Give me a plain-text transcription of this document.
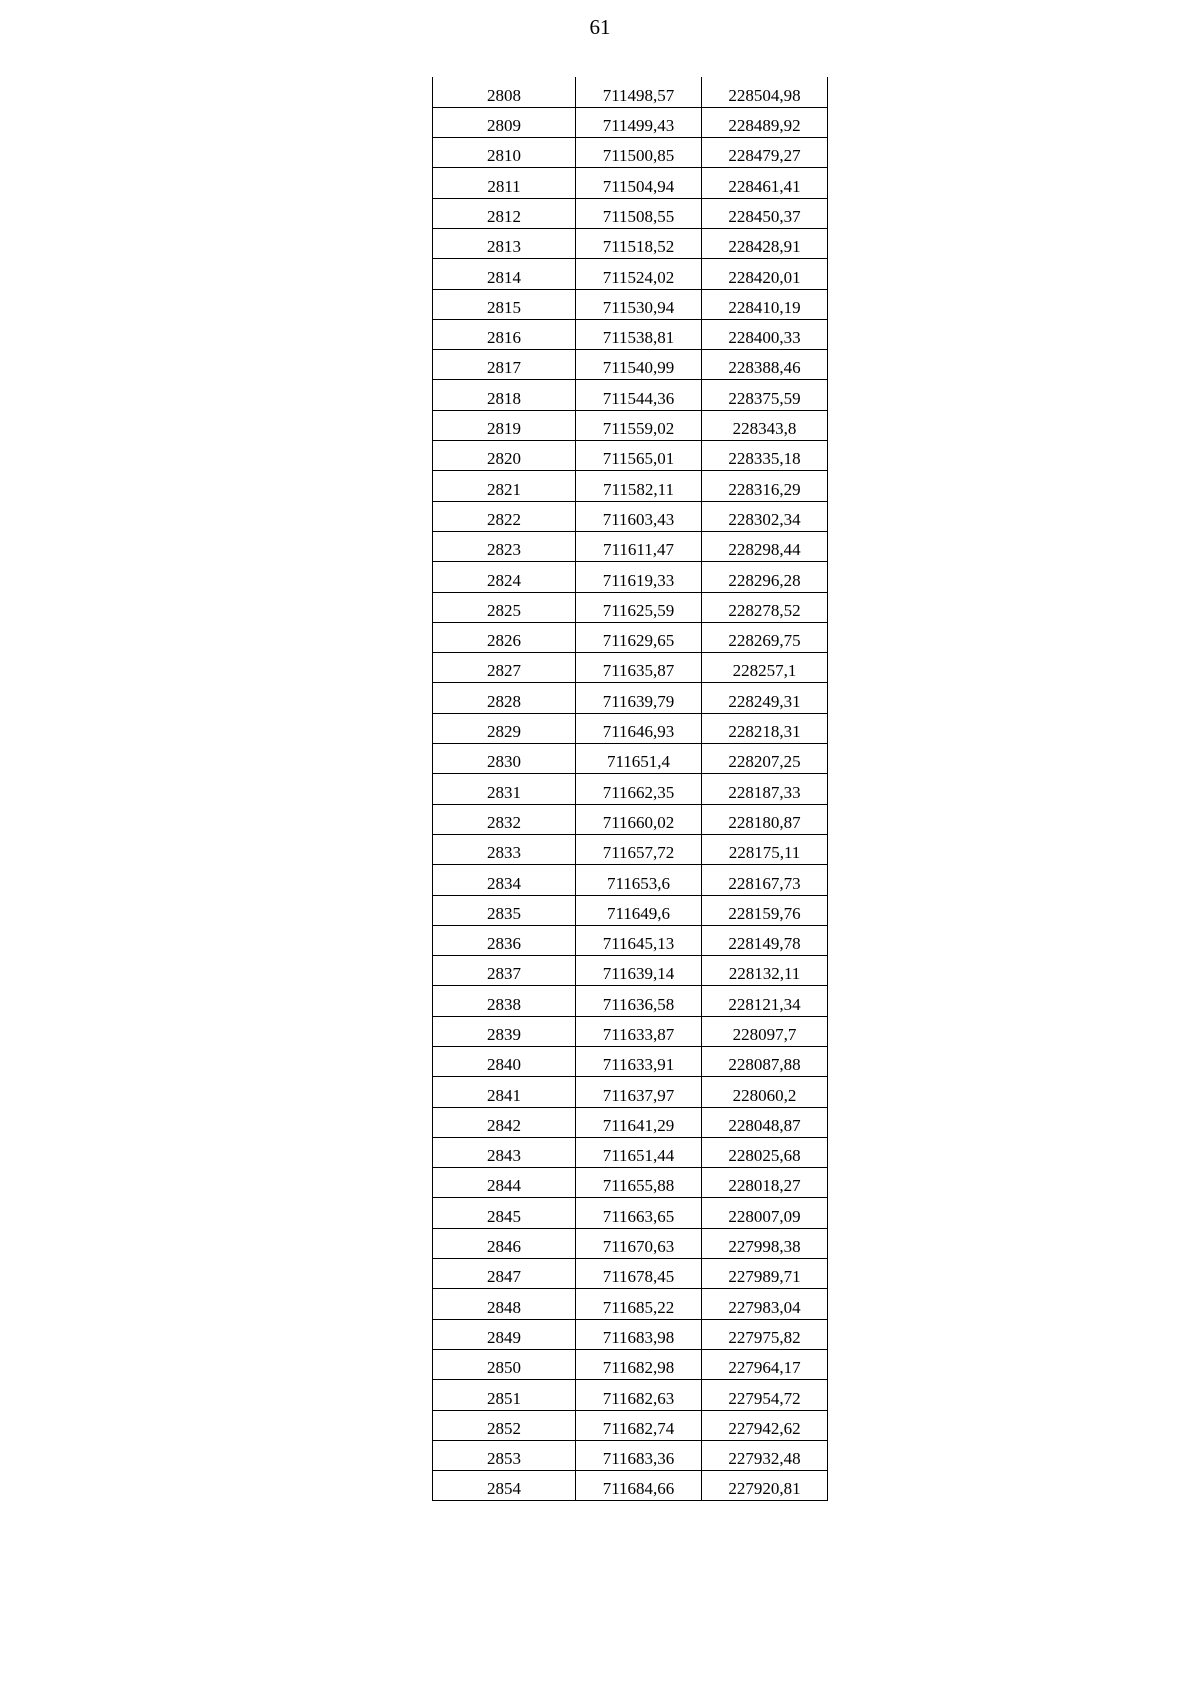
61
2808	711498,57	228504,98
2809	711499,43	228489,92
2810	711500,85	228479,27
2811	711504,94	228461,41
2812	711508,55	228450,37
2813	711518,52	228428,91
2814	711524,02	228420,01
2815	711530,94	228410,19
2816	711538,81	228400,33
2817	711540,99	228388,46
2818	711544,36	228375,59
2819	711559,02	228343,8
2820	711565,01	228335,18
2821	711582,11	228316,29
2822	711603,43	228302,34
2823	711611,47	228298,44
2824	711619,33	228296,28
2825	711625,59	228278,52
2826	711629,65	228269,75
2827	711635,87	228257,1
2828	711639,79	228249,31
2829	711646,93	228218,31
2830	711651,4	228207,25
2831	711662,35	228187,33
2832	711660,02	228180,87
2833	711657,72	228175,11
2834	711653,6	228167,73
2835	711649,6	228159,76
2836	711645,13	228149,78
2837	711639,14	228132,11
2838	711636,58	228121,34
2839	711633,87	228097,7
2840	711633,91	228087,88
2841	711637,97	228060,2
2842	711641,29	228048,87
2843	711651,44	228025,68
2844	711655,88	228018,27
2845	711663,65	228007,09
2846	711670,63	227998,38
2847	711678,45	227989,71
2848	711685,22	227983,04
2849	711683,98	227975,82
2850	711682,98	227964,17
2851	711682,63	227954,72
2852	711682,74	227942,62
2853	711683,36	227932,48
2854	711684,66	227920,81
